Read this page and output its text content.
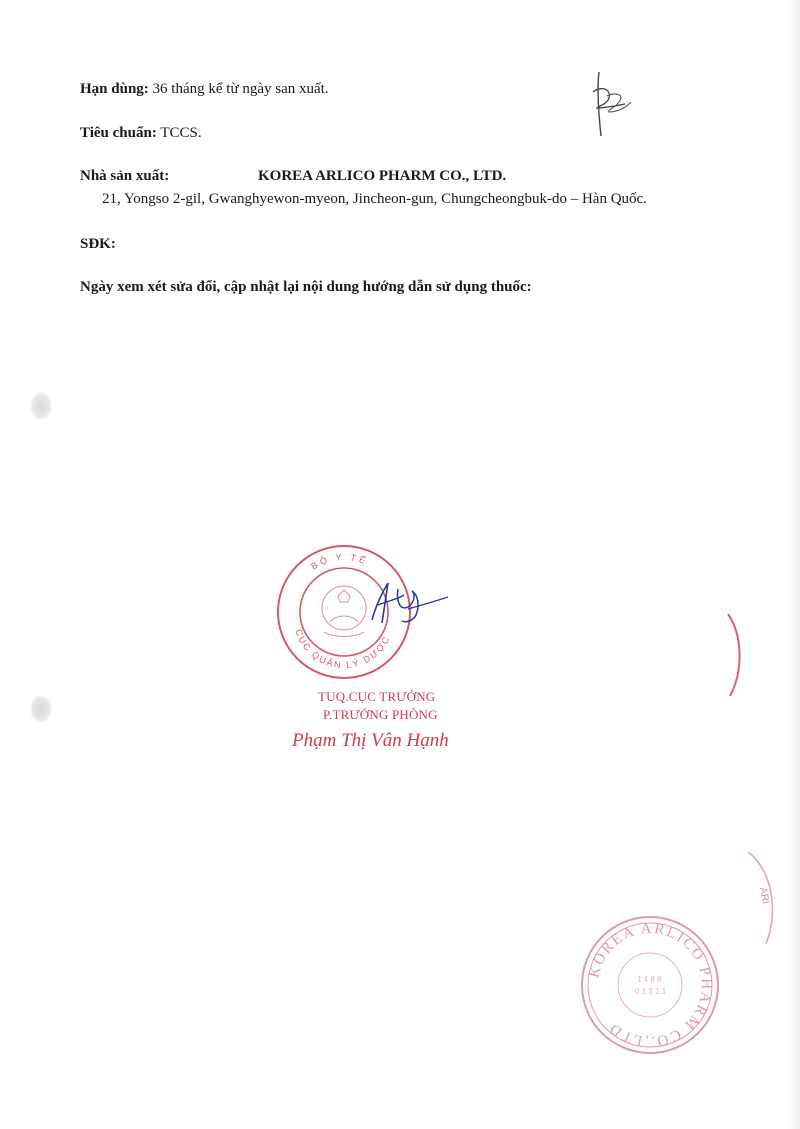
Hạn dùng: 36 tháng kể từ ngày san xuất.
Tiêu chuẩn: TCCS.
Nhà sản xuất:	KOREA ARLICO PHARM CO., LTD.
21, Yongso 2-gil, Gwanghyewon-myeon, Jincheon-gun, Chungcheongbuk-do – Hàn Quốc.
SĐK:
Ngày xem xét sửa đổi, cập nhật lại nội dung hướng dẫn sử dụng thuốc:
BỘ Y TẾ
CỤC QUẢN LÝ DƯỢC
TUQ.CỤC TRƯỞNG
P.TRƯỞNG PHÒNG
Phạm Thị Vân Hạnh
ARI
KOREA ARLICO PHARM CO.,LTD
1 4 8 8
0 1 3 1 1
